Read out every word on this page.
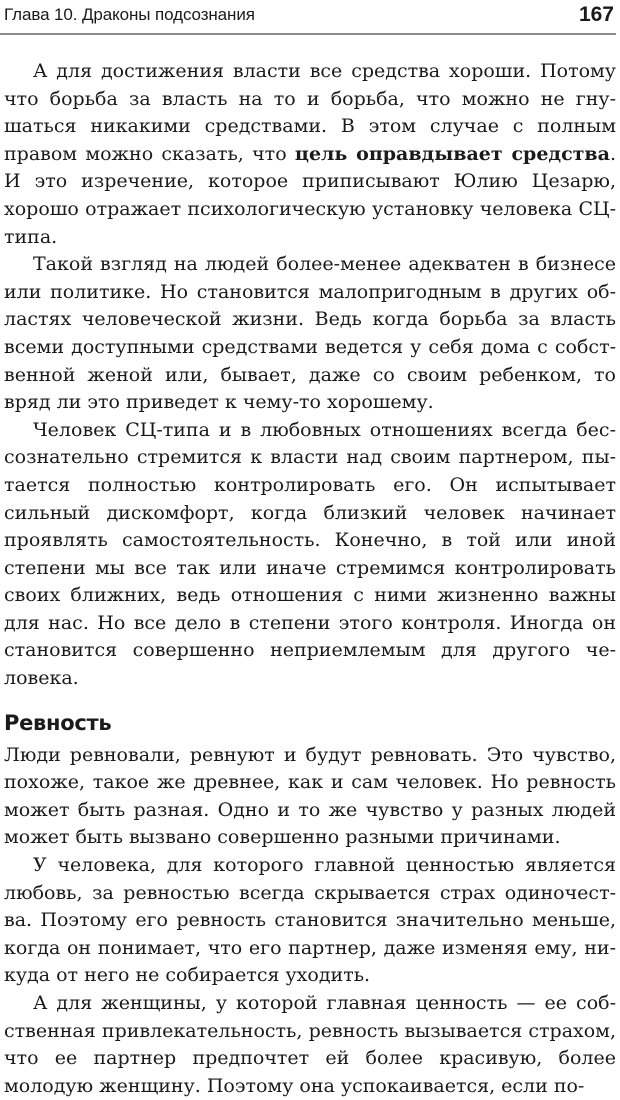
Глава 10. Драконы подсознания	167

А для достижения власти все средства хороши. Потому что борьба за власть на то и борьба, что можно не гнушаться никакими средствами. В этом случае с полным правом можно сказать, что цель оправдывает средства. И это изречение, которое приписывают Юлию Цезарю, хорошо отражает психологическую установку человека СЦ-типа.

Такой взгляд на людей более-менее адекватен в бизнесе или политике. Но становится малопригодным в других областях человеческой жизни. Ведь когда борьба за власть всеми доступными средствами ведется у себя дома с собственной женой или, бывает, даже со своим ребенком, то вряд ли это приведет к чему-то хорошему.

Человек СЦ-типа и в любовных отношениях всегда бессознательно стремится к власти над своим партнером, пытается полностью контролировать его. Он испытывает сильный дискомфорт, когда близкий человек начинает проявлять самостоятельность. Конечно, в той или иной степени мы все так или иначе стремимся контролировать своих ближних, ведь отношения с ними жизненно важны для нас. Но все дело в степени этого контроля. Иногда он становится совершенно неприемлемым для другого человека.

Ревность

Люди ревновали, ревнуют и будут ревновать. Это чувство, похоже, такое же древнее, как и сам человек. Но ревность может быть разная. Одно и то же чувство у разных людей может быть вызвано совершенно разными причинами.

У человека, для которого главной ценностью является любовь, за ревностью всегда скрывается страх одиночества. Поэтому его ревность становится значительно меньше, когда он понимает, что его партнер, даже изменяя ему, никуда от него не собирается уходить.

А для женщины, у которой главная ценность — ее собственная привлекательность, ревность вызывается страхом, что ее партнер предпочтет ей более красивую, более молодую женщину. Поэтому она успокаивается, если по-
